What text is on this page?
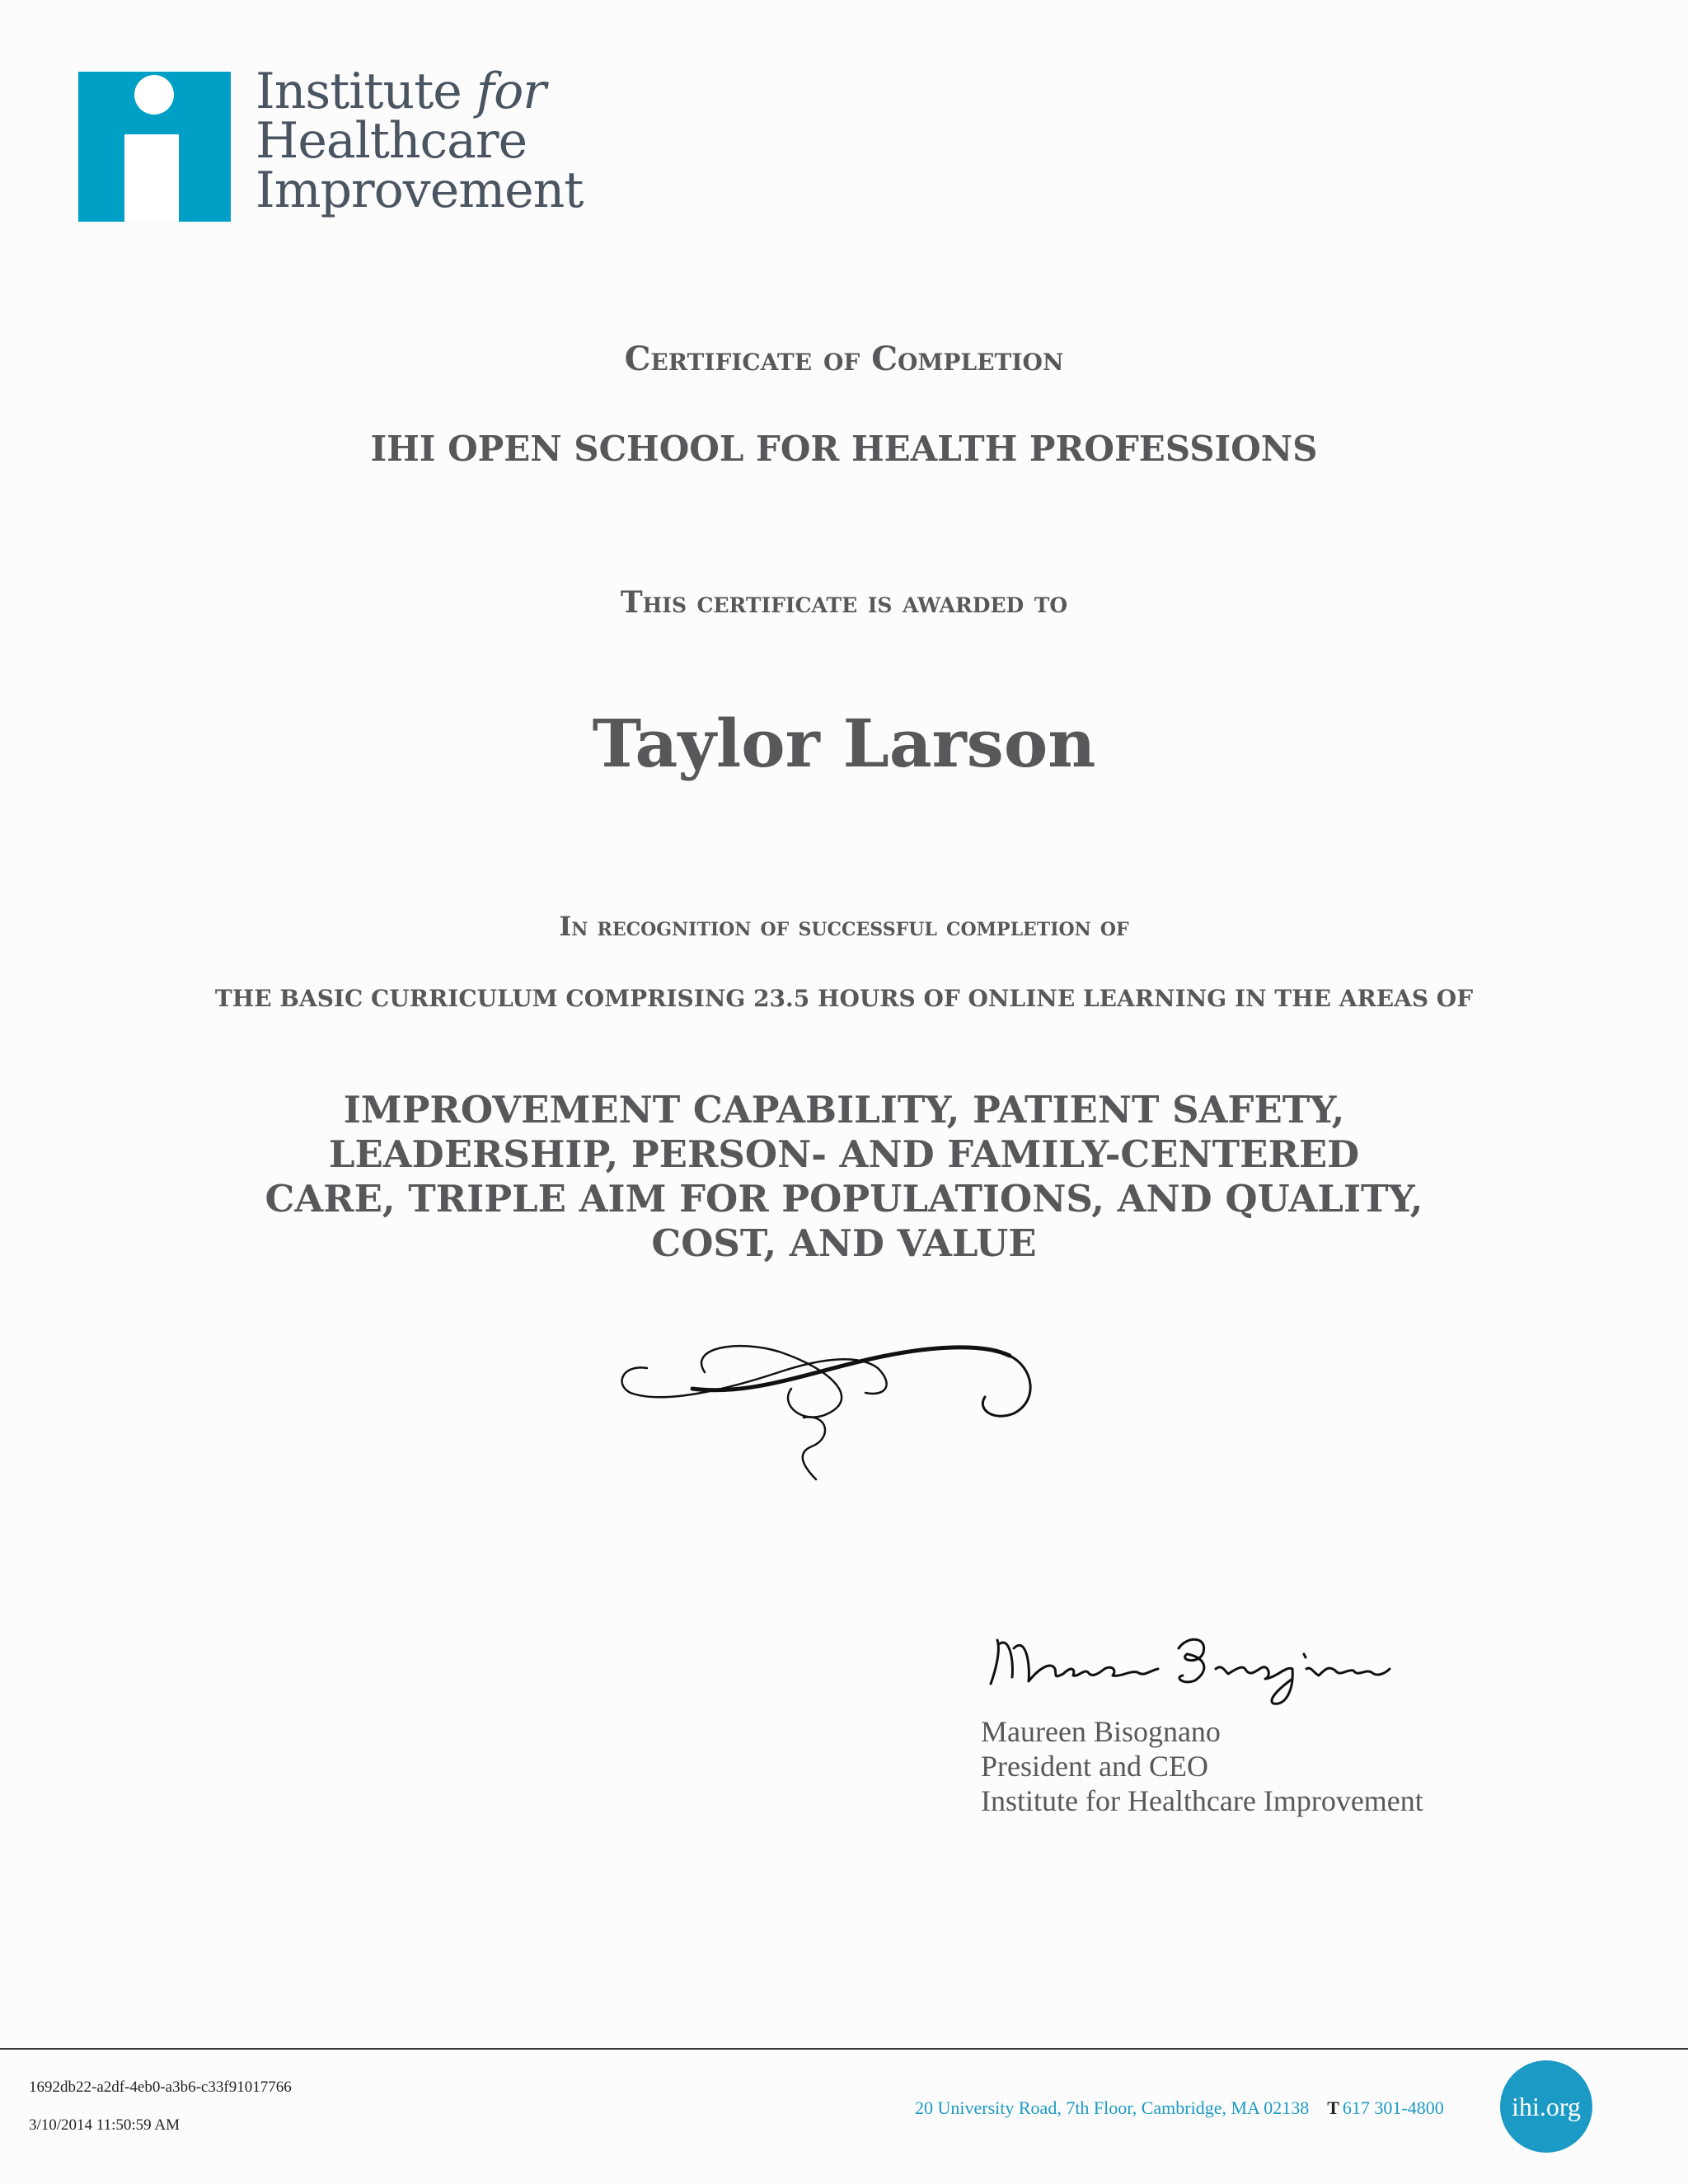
Institute for
Healthcare
Improvement
Certificate of Completion
IHI OPEN SCHOOL FOR HEALTH PROFESSIONS
This certificate is awarded to
Taylor Larson
In recognition of successful completion of
THE BASIC CURRICULUM COMPRISING 23.5 HOURS OF ONLINE LEARNING IN THE AREAS OF
IMPROVEMENT CAPABILITY, PATIENT SAFETY,
LEADERSHIP, PERSON- AND FAMILY-CENTERED
CARE, TRIPLE AIM FOR POPULATIONS, AND QUALITY,
COST, AND VALUE
Maureen Bisognano
President and CEO
Institute for Healthcare Improvement
1692db22-a2df-4eb0-a3b6-c33f91017766
3/10/2014 11:50:59 AM
20 University Road, 7th Floor, Cambridge, MA 02138 T 617 301-4800	ihi.org
